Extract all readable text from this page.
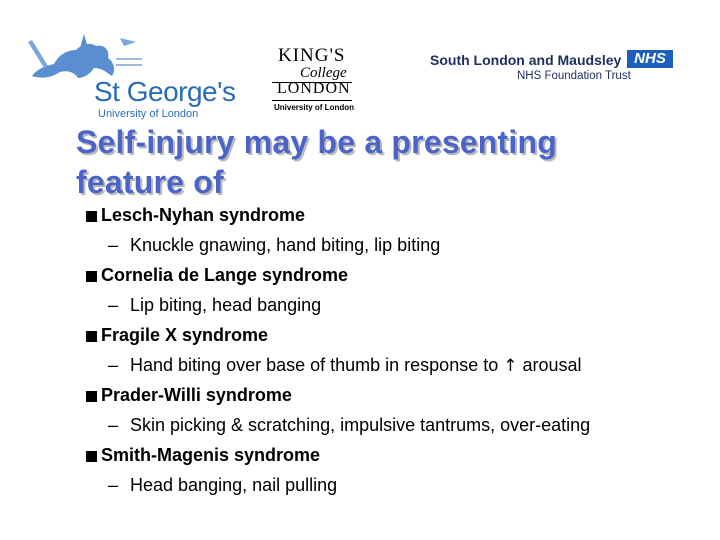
St George's
University of London
KING'S
College
LONDON
University of London
South London and Maudsley NHS
NHS Foundation Trust
Self-injury may be a presenting
feature of
Lesch-Nyhan syndrome
– Knuckle gnawing, hand biting, lip biting
Cornelia de Lange syndrome
– Lip biting, head banging
Fragile X syndrome
– Hand biting over base of thumb in response to ↑ arousal
Prader-Willi syndrome
– Skin picking & scratching, impulsive tantrums, over-eating
Smith-Magenis syndrome
– Head banging, nail pulling
